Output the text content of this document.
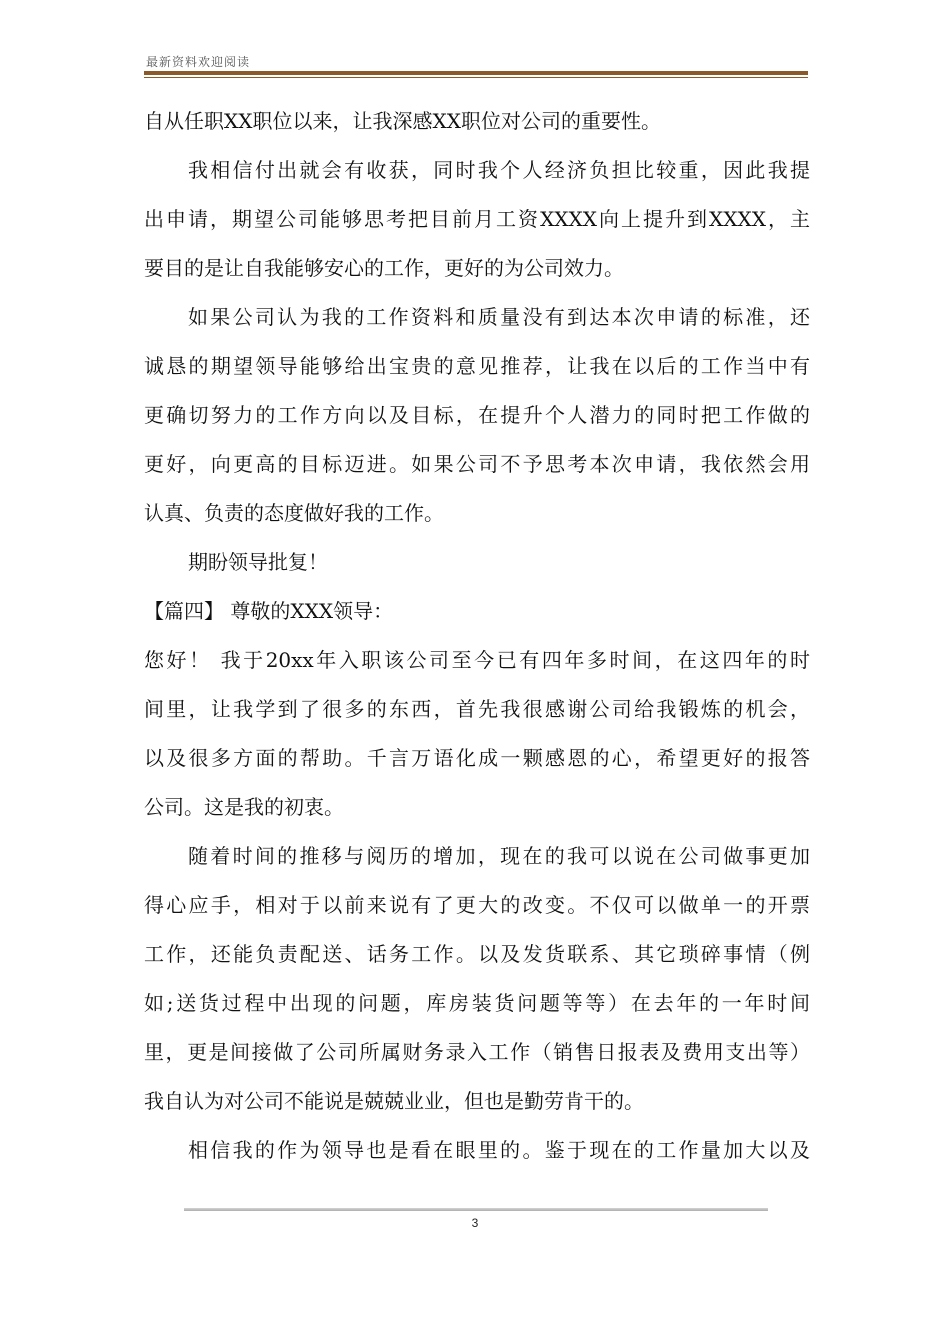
最新资料欢迎阅读
自从任职XX职位以来，让我深感XX职位对公司的重要性。
我相信付出就会有收获，同时我个人经济负担比较重，因此我提
出申请，期望公司能够思考把目前月工资XXXX向上提升到XXXX，主
要目的是让自我能够安心的工作，更好的为公司效力。
如果公司认为我的工作资料和质量没有到达本次申请的标准，还
诚恳的期望领导能够给出宝贵的意见推荐，让我在以后的工作当中有
更确切努力的工作方向以及目标，在提升个人潜力的同时把工作做的
更好，向更高的目标迈进。如果公司不予思考本次申请，我依然会用
认真、负责的态度做好我的工作。
期盼领导批复！
【篇四】 尊敬的XXX领导：
您好！ 我于20xx年入职该公司至今已有四年多时间，在这四年的时
间里，让我学到了很多的东西，首先我很感谢公司给我锻炼的机会，
以及很多方面的帮助。千言万语化成一颗感恩的心，希望更好的报答
公司。这是我的初衷。
随着时间的推移与阅历的增加，现在的我可以说在公司做事更加
得心应手，相对于以前来说有了更大的改变。不仅可以做单一的开票
工作，还能负责配送、话务工作。以及发货联系、其它琐碎事情（例
如;送货过程中出现的问题，库房装货问题等等）在去年的一年时间
里，更是间接做了公司所属财务录入工作（销售日报表及费用支出等）
我自认为对公司不能说是兢兢业业，但也是勤劳肯干的。
相信我的作为领导也是看在眼里的。鉴于现在的工作量加大以及
3
